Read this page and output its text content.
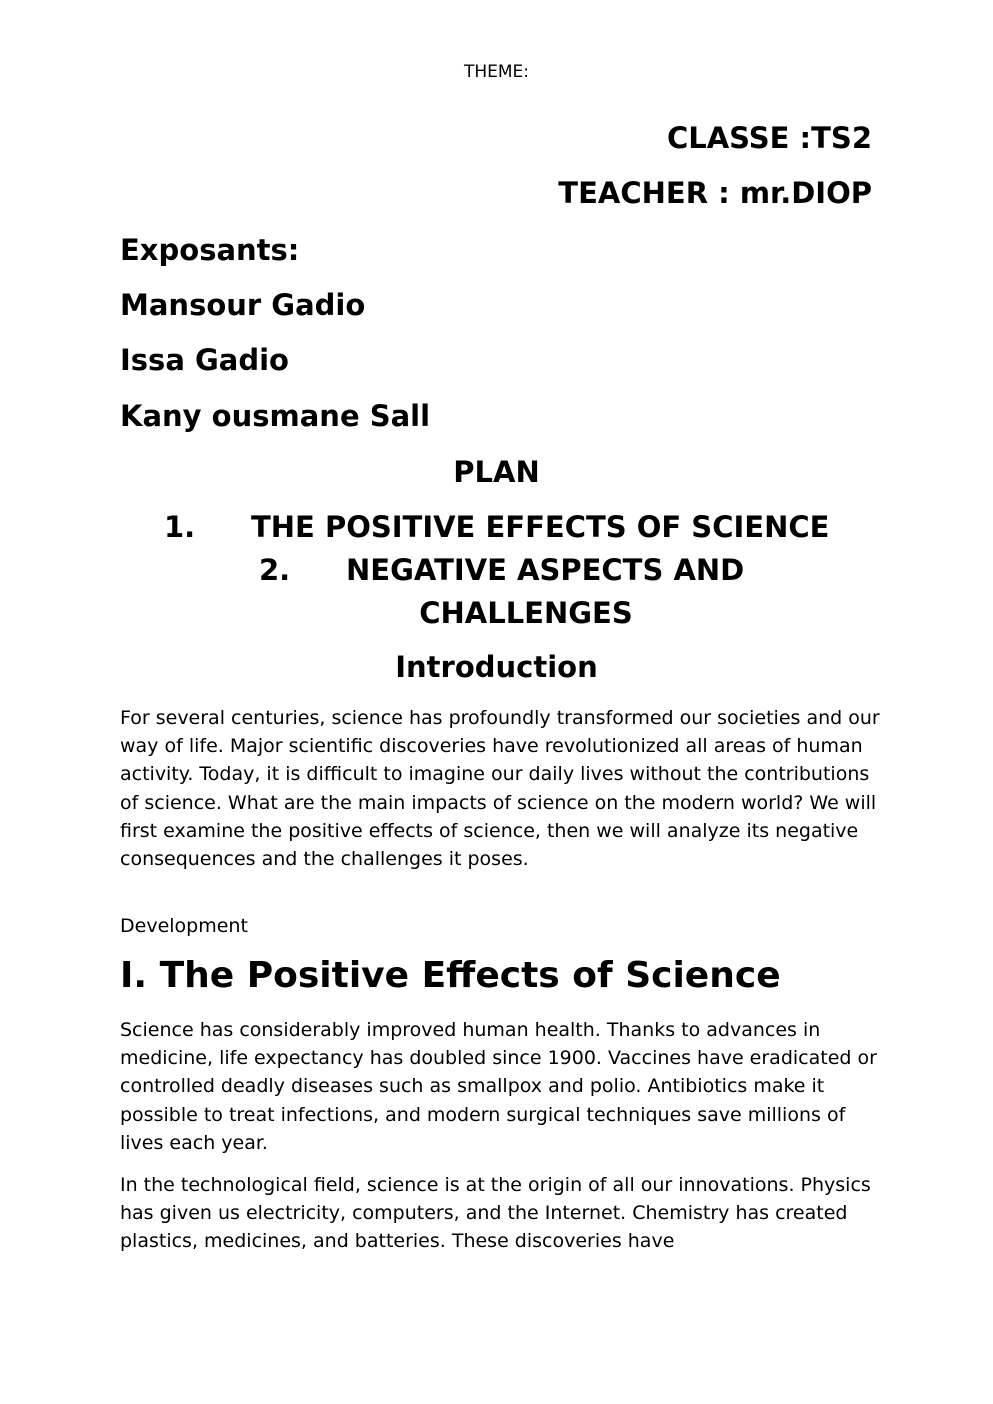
THEME:

CLASSE :TS2

TEACHER : mr.DIOP

Exposants:

Mansour Gadio

Issa Gadio

Kany ousmane Sall

PLAN

1. THE POSITIVE EFFECTS OF SCIENCE
2. NEGATIVE ASPECTS AND
CHALLENGES

Introduction

For several centuries, science has profoundly transformed our societies and our way of life. Major scientific discoveries have revolutionized all areas of human activity. Today, it is difficult to imagine our daily lives without the contributions of science. What are the main impacts of science on the modern world? We will first examine the positive effects of science, then we will analyze its negative consequences and the challenges it poses.

Development

I. The Positive Effects of Science

Science has considerably improved human health. Thanks to advances in medicine, life expectancy has doubled since 1900. Vaccines have eradicated or controlled deadly diseases such as smallpox and polio. Antibiotics make it possible to treat infections, and modern surgical techniques save millions of lives each year.

In the technological field, science is at the origin of all our innovations. Physics has given us electricity, computers, and the Internet. Chemistry has created plastics, medicines, and batteries. These discoveries have
